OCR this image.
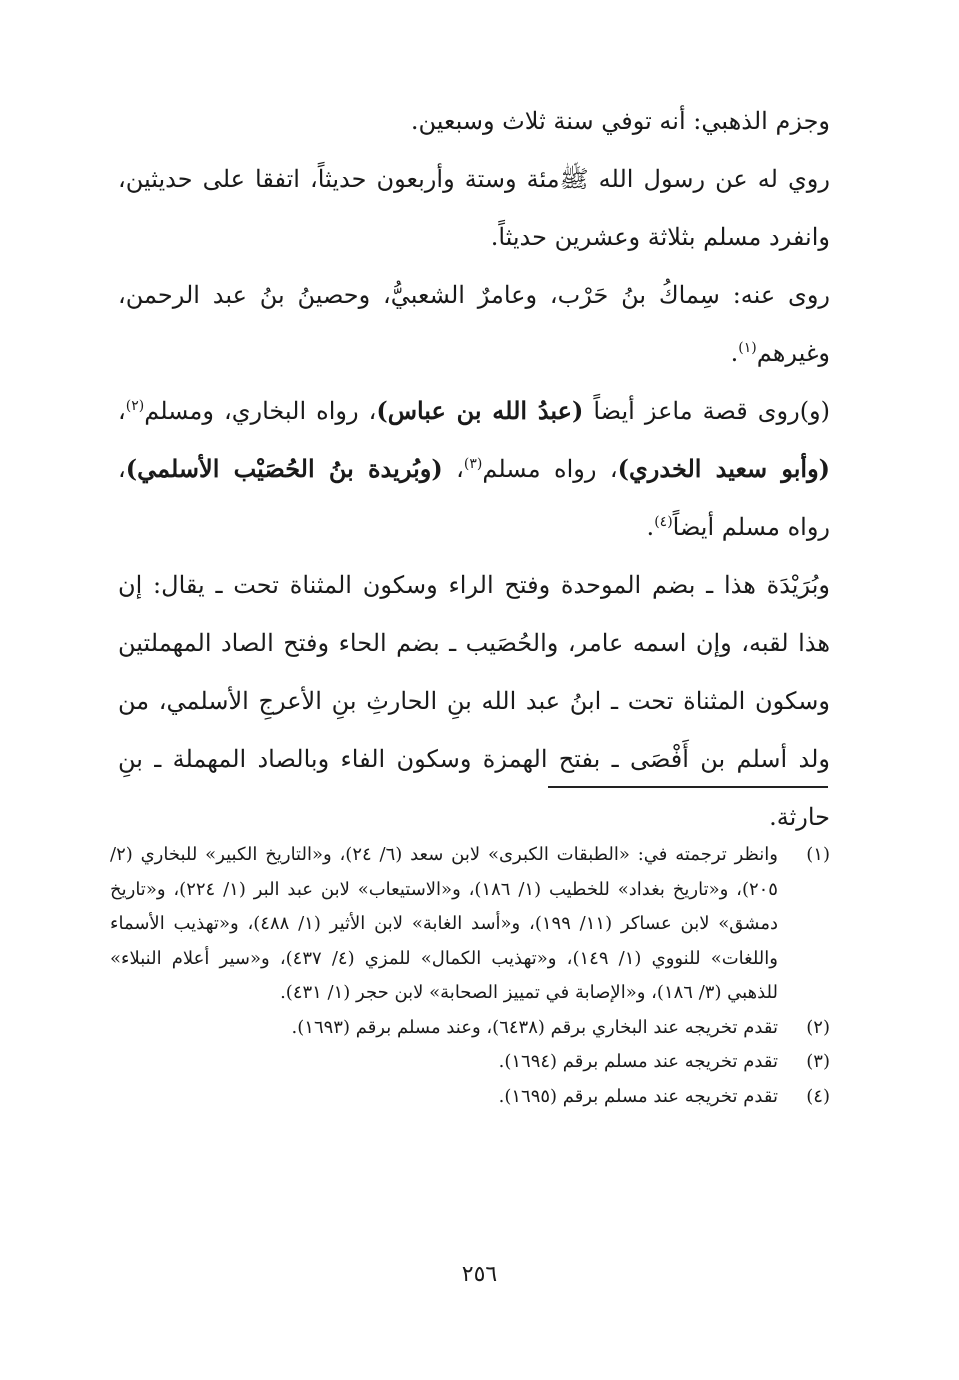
وجزم الذهبي: أنه توفي سنة ثلاث وسبعين.

روي له عن رسول الله ﷺمئة وستة وأربعون حديثاً، اتفقا على حديثين، وانفرد مسلم بثلاثة وعشرين حديثاً.

روى عنه: سِماكُ بنُ حَرْب، وعامرٌ الشعبيُّ، وحصينُ بنُ عبد الرحمن، وغيرهم$^{(١)}$.

(و)روى قصة ماعز أيضاً (عبدُ الله بن عباس)، رواه البخاري، ومسلم$^{(٢)}$، (وأبو سعيد الخدري)، رواه مسلم$^{(٣)}$، (وبُريدة بنُ الحُصَيْب الأسلمي)، رواه مسلم أيضاً$^{(٤)}$.

وبُرَيْدَة هذا ـ بضم الموحدة وفتح الراء وسكون المثناة تحت ـ يقال: إن هذا لقبه، وإن اسمه عامر، والحُصَيب ـ بضم الحاء وفتح الصاد المهملتين وسكون المثناة تحت ـ ابنُ عبد الله بنِ الحارثِ بنِ الأعرجِ الأسلمي، من ولد أسلم بن أَفْصَى ـ بفتح الهمزة وسكون الفاء وبالصاد المهملة ـ بنِ حارثة.

(١)
وانظر ترجمته في: «الطبقات الكبرى» لابن سعد (٦/ ٢٤)، و«التاريخ الكبير» للبخاري (٢/ ٢٠٥)، و«تاريخ بغداد» للخطيب (١/ ١٨٦)، و«الاستيعاب» لابن عبد البر (١/ ٢٢٤)، و«تاريخ دمشق» لابن عساكر (١١/ ١٩٩)، و«أسد الغابة» لابن الأثير (١/ ٤٨٨)، و«تهذيب الأسماء واللغات» للنووي (١/ ١٤٩)، و«تهذيب الكمال» للمزي (٤/ ٤٣٧)، و«سير أعلام النبلاء» للذهبي (٣/ ١٨٦)، و«الإصابة في تمييز الصحابة» لابن حجر (١/ ٤٣١).
(٢)
تقدم تخريجه عند البخاري برقم (٦٤٣٨)، وعند مسلم برقم (١٦٩٣).
(٣)
تقدم تخريجه عند مسلم برقم (١٦٩٤).
(٤)
تقدم تخريجه عند مسلم برقم (١٦٩٥).
٢٥٦
